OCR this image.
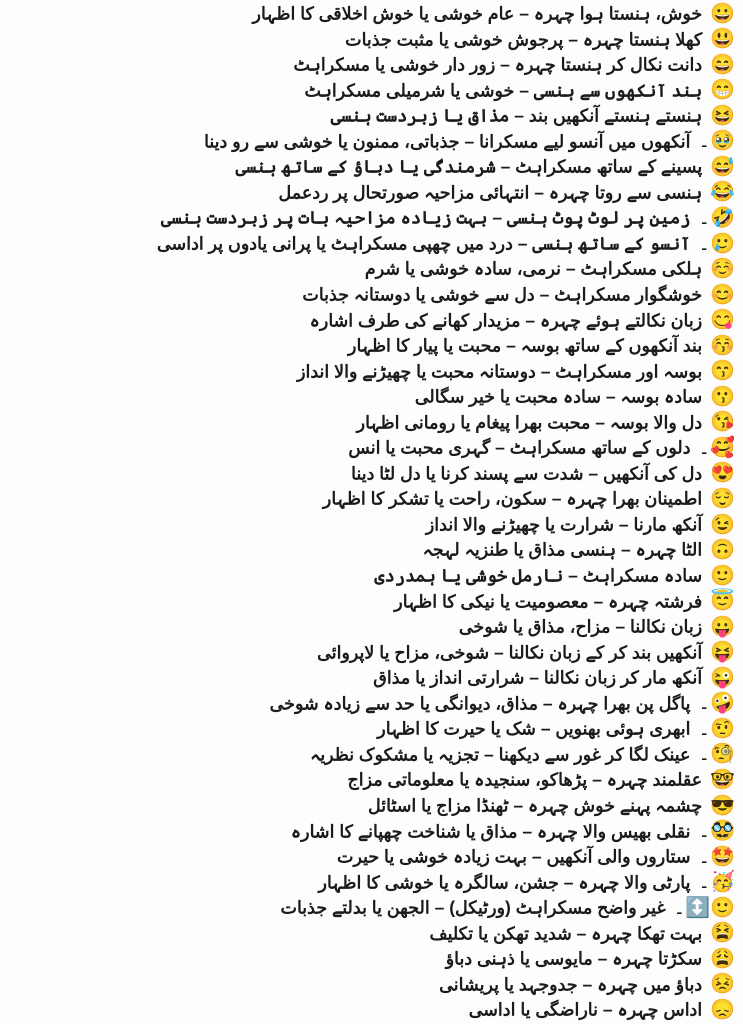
😀 خوش، ہنستا ہوا چہرہ – عام خوشی یا خوش اخلاقی کا اظہار
😃 کھلا ہنستا چہرہ – پرجوش خوشی یا مثبت جذبات
😄 دانت نکال کر ہنستا چہرہ – زور دار خوشی یا مسکراہٹ
😁 بند آنکھوں سے ہنسی – خوشی یا شرمیلی مسکراہٹ
😆 ہنستے ہنستے آنکھیں بند – مذاق یا زبردست ہنسی
🥹۔ آنکھوں میں آنسو لیے مسکرانا – جذباتی، ممنون یا خوشی سے رو دینا
😅 پسینے کے ساتھ مسکراہٹ – شرمندگی یا دباؤ کے ساتھ ہنسی
😂 ہنسی سے روتا چہرہ – انتہائی مزاحیہ صورتحال پر ردعمل
🤣۔ زمین پر لوٹ پوٹ ہنسی – بہت زیادہ مزاحیہ بات پر زبردست ہنسی
🥲۔ آنسو کے ساتھ ہنسی – درد میں چھپی مسکراہٹ یا پرانی یادوں پر اداسی
☺️ ہلکی مسکراہٹ – نرمی، سادہ خوشی یا شرم
😊 خوشگوار مسکراہٹ – دل سے خوشی یا دوستانہ جذبات
😋 زبان نکالتے ہوئے چہرہ – مزیدار کھانے کی طرف اشارہ
😚 بند آنکھوں کے ساتھ بوسہ – محبت یا پیار کا اظہار
😙 بوسہ اور مسکراہٹ – دوستانہ محبت یا چھیڑنے والا انداز
😗 سادہ بوسہ – سادہ محبت یا خیر سگالی
😘 دل والا بوسہ – محبت بھرا پیغام یا رومانی اظہار
🥰۔ دلوں کے ساتھ مسکراہٹ – گہری محبت یا انس
😍 دل کی آنکھیں – شدت سے پسند کرنا یا دل لٹا دینا
😌 اطمینان بھرا چہرہ – سکون، راحت یا تشکر کا اظہار
😉 آنکھ مارنا – شرارت یا چھیڑنے والا انداز
🙃 الٹا چہرہ – ہنسی مذاق یا طنزیہ لہجہ
🙂 سادہ مسکراہٹ – نارمل خوشی یا ہمدردی
😇 فرشتہ چہرہ – معصومیت یا نیکی کا اظہار
😛 زبان نکالنا – مزاح، مذاق یا شوخی
😝 آنکھیں بند کر کے زبان نکالنا – شوخی، مزاح یا لاپروائی
😜 آنکھ مار کر زبان نکالنا – شرارتی انداز یا مذاق
🤪۔ پاگل پن بھرا چہرہ – مذاق، دیوانگی یا حد سے زیادہ شوخی
🤨۔ ابھری ہوئی بھنویں – شک یا حیرت کا اظہار
🧐۔ عینک لگا کر غور سے دیکھنا – تجزیہ یا مشکوک نظریہ
🤓 عقلمند چہرہ – پڑھاکو، سنجیدہ یا معلوماتی مزاج
😎 چشمہ پہنے خوش چہرہ – ٹھنڈا مزاج یا اسٹائل
🥸۔ نقلی بھیس والا چہرہ – مذاق یا شناخت چھپانے کا اشارہ
🤩۔ ستاروں والی آنکھیں – بہت زیادہ خوشی یا حیرت
🥳۔ پارٹی والا چہرہ – جشن، سالگرہ یا خوشی کا اظہار
🙂↕️۔ غیر واضح مسکراہٹ (ورٹیکل) – الجھن یا بدلتے جذبات
😫 بہت تھکا چہرہ – شدید تھکن یا تکلیف
😩 سکڑتا چہرہ – مایوسی یا ذہنی دباؤ
😣 دباؤ میں چہرہ – جدوجہد یا پریشانی
😞 اداس چہرہ – ناراضگی یا اداسی
